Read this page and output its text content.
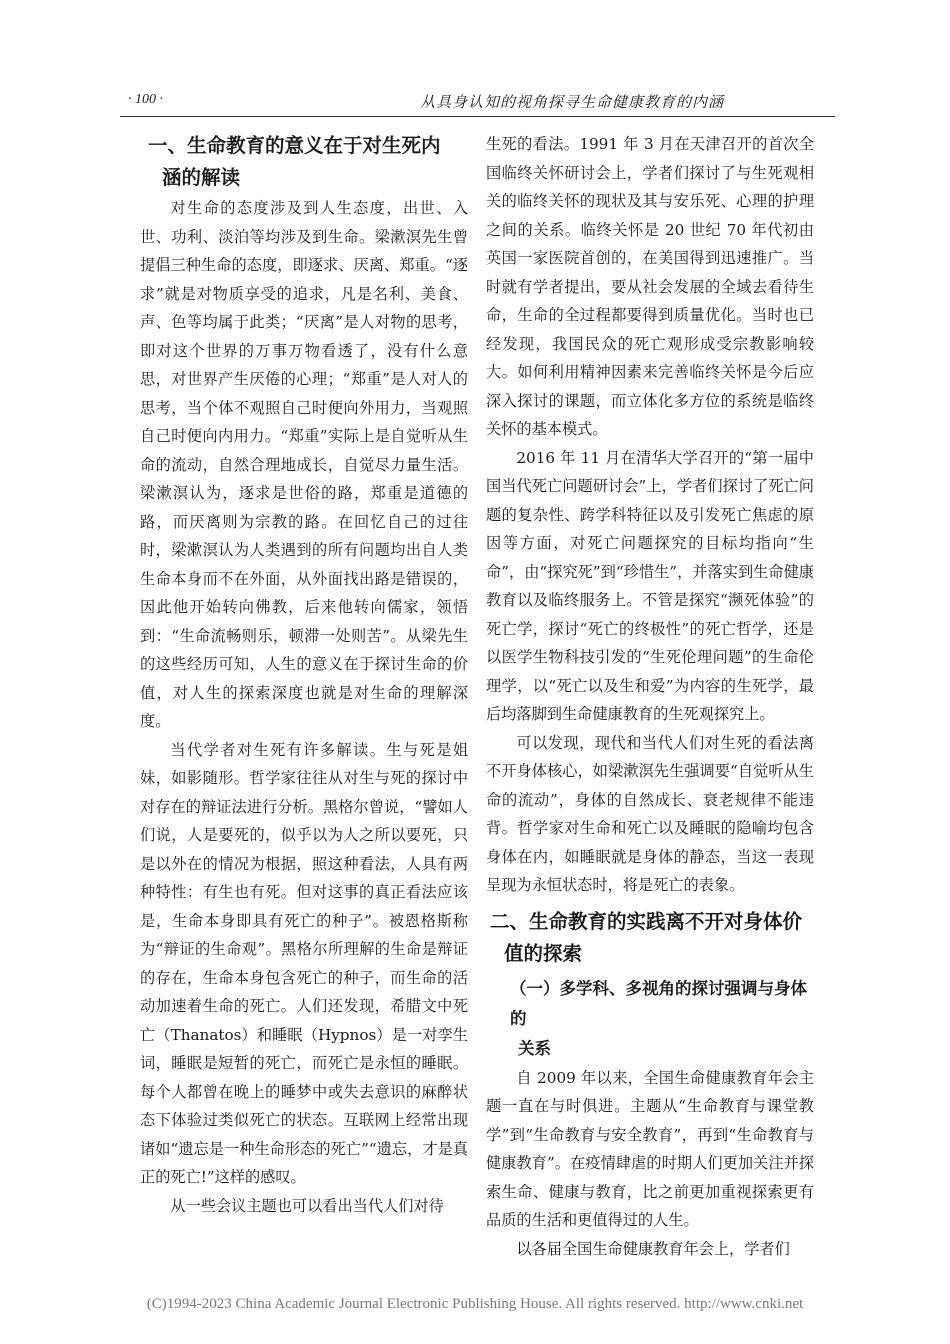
· 100 ·	从具身认知的视角探寻生命健康教育的内涵
一、生命教育的意义在于对生死内
涵的解读

对生命的态度涉及到人生态度，出世、入世、功利、淡泊等均涉及到生命。梁漱溟先生曾提倡三种生命的态度，即逐求、厌离、郑重。“逐求”就是对物质享受的追求，凡是名利、美食、声、色等均属于此类；“厌离”是人对物的思考，即对这个世界的万事万物看透了，没有什么意思，对世界产生厌倦的心理；“郑重”是人对人的思考，当个体不观照自己时便向外用力，当观照自己时便向内用力。“郑重”实际上是自觉听从生命的流动，自然合理地成长，自觉尽力量生活。梁漱溟认为，逐求是世俗的路，郑重是道德的路，而厌离则为宗教的路。在回忆自己的过往时，梁漱溟认为人类遇到的所有问题均出自人类生命本身而不在外面，从外面找出路是错误的，因此他开始转向佛教，后来他转向儒家，领悟到：“生命流畅则乐，顿滞一处则苦”。从梁先生的这些经历可知，人生的意义在于探讨生命的价值，对人生的探索深度也就是对生命的理解深度。

当代学者对生死有许多解读。生与死是姐妹，如影随形。哲学家往往从对生与死的探讨中对存在的辩证法进行分析。黑格尔曾说，“譬如人们说，人是要死的，似乎以为人之所以要死，只是以外在的情况为根据，照这种看法，人具有两种特性：有生也有死。但对这事的真正看法应该是，生命本身即具有死亡的种子”。被恩格斯称为“辩证的生命观”。黑格尔所理解的生命是辩证的存在，生命本身包含死亡的种子，而生命的活动加速着生命的死亡。人们还发现，希腊文中死亡（Thanatos）和睡眠（Hypnos）是一对孪生词，睡眠是短暂的死亡，而死亡是永恒的睡眠。每个人都曾在晚上的睡梦中或失去意识的麻醉状态下体验过类似死亡的状态。互联网上经常出现诸如“遗忘是一种生命形态的死亡”“遗忘，才是真正的死亡!”这样的感叹。

从一些会议主题也可以看出当代人们对待

生死的看法。1991 年 3 月在天津召开的首次全国临终关怀研讨会上，学者们探讨了与生死观相关的临终关怀的现状及其与安乐死、心理的护理之间的关系。临终关怀是 20 世纪 70 年代初由英国一家医院首创的，在美国得到迅速推广。当时就有学者提出，要从社会发展的全域去看待生命，生命的全过程都要得到质量优化。当时也已经发现，我国民众的死亡观形成受宗教影响较大。如何利用精神因素来完善临终关怀是今后应深入探讨的课题，而立体化多方位的系统是临终关怀的基本模式。

2016 年 11 月在清华大学召开的“第一届中国当代死亡问题研讨会”上，学者们探讨了死亡问题的复杂性、跨学科特征以及引发死亡焦虑的原因等方面，对死亡问题探究的目标均指向“生命”，由“探究死”到“珍惜生”，并落实到生命健康教育以及临终服务上。不管是探究“濒死体验”的死亡学，探讨“死亡的终极性”的死亡哲学，还是以医学生物科技引发的“生死伦理问题”的生命伦理学，以“死亡以及生和爱”为内容的生死学，最后均落脚到生命健康教育的生死观探究上。

可以发现，现代和当代人们对生死的看法离不开身体核心，如梁漱溟先生强调要“自觉听从生命的流动”，身体的自然成长、衰老规律不能违背。哲学家对生命和死亡以及睡眠的隐喻均包含身体在内，如睡眠就是身体的静态，当这一表现呈现为永恒状态时，将是死亡的表象。

二、生命教育的实践离不开对身体价
值的探索
（一）多学科、多视角的探讨强调与身体的
关系

自 2009 年以来，全国生命健康教育年会主题一直在与时俱进。主题从“生命教育与课堂教学”到“生命教育与安全教育”，再到“生命教育与健康教育”。在疫情肆虐的时期人们更加关注并探索生命、健康与教育，比之前更加重视探索更有品质的生活和更值得过的人生。

以各届全国生命健康教育年会上，学者们

(C)1994-2023 China Academic Journal Electronic Publishing House. All rights reserved. http://www.cnki.net
